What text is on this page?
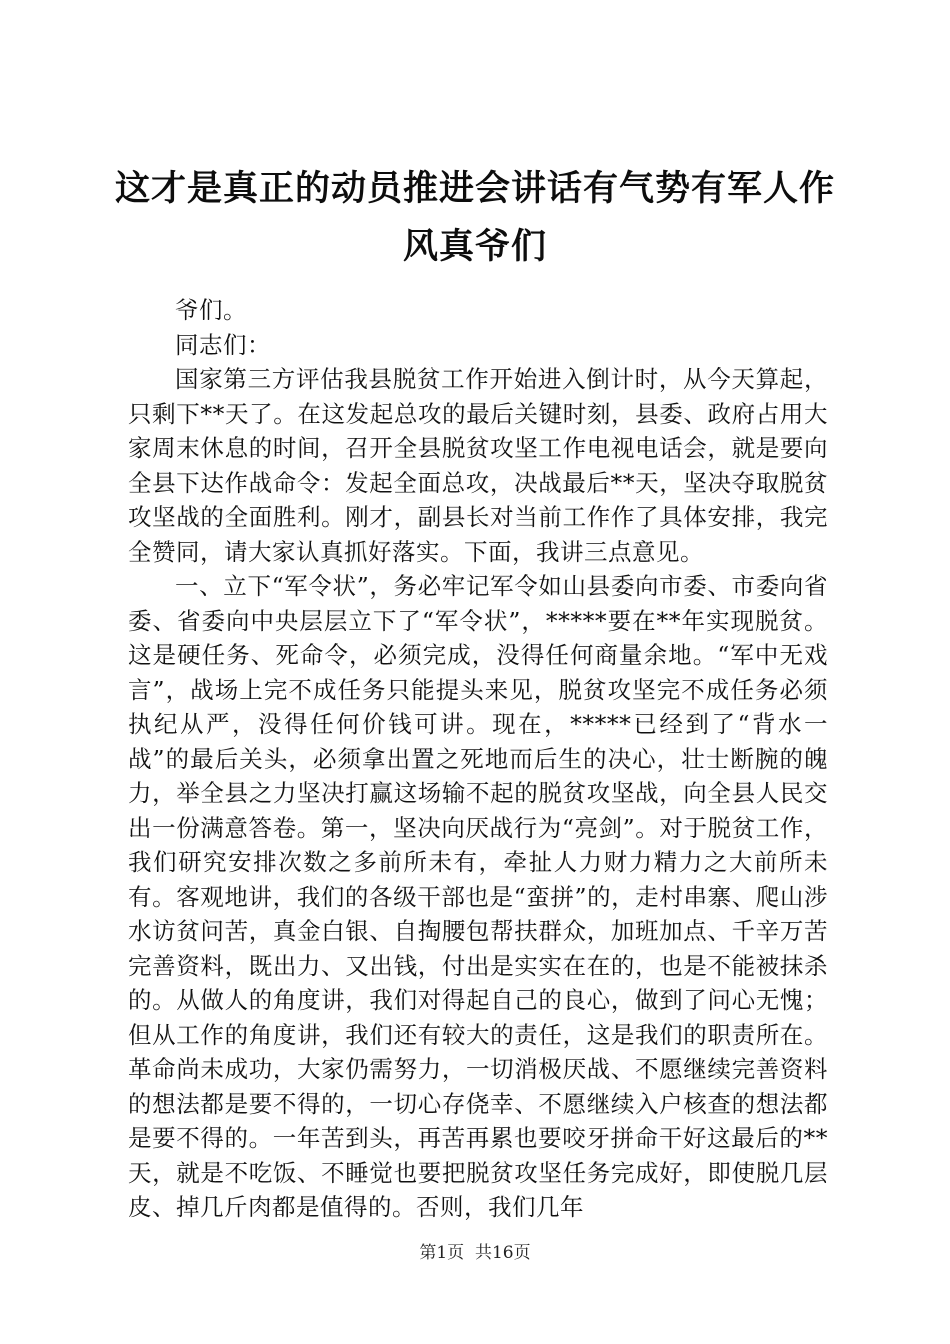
这才是真正的动员推进会讲话有气势有军人作风真爷们

爷们。

同志们：

国家第三方评估我县脱贫工作开始进入倒计时，从今天算起，只剩下**天了。在这发起总攻的最后关键时刻，县委、政府占用大家周末休息的时间，召开全县脱贫攻坚工作电视电话会，就是要向全县下达作战命令：发起全面总攻，决战最后**天，坚决夺取脱贫攻坚战的全面胜利。刚才，副县长对当前工作作了具体安排，我完全赞同，请大家认真抓好落实。下面，我讲三点意见。

一、立下“军令状”，务必牢记军令如山县委向市委、市委向省委、省委向中央层层立下了“军令状”，*****要在**年实现脱贫。这是硬任务、死命令，必须完成，没得任何商量余地。“军中无戏言”，战场上完不成任务只能提头来见，脱贫攻坚完不成任务必须执纪从严，没得任何价钱可讲。现在，*****已经到了“背水一战”的最后关头，必须拿出置之死地而后生的决心，壮士断腕的魄力，举全县之力坚决打赢这场输不起的脱贫攻坚战，向全县人民交出一份满意答卷。第一，坚决向厌战行为“亮剑”。对于脱贫工作，我们研究安排次数之多前所未有，牵扯人力财力精力之大前所未有。客观地讲，我们的各级干部也是“蛮拼”的，走村串寨、爬山涉水访贫问苦，真金白银、自掏腰包帮扶群众，加班加点、千辛万苦完善资料，既出力、又出钱，付出是实实在在的，也是不能被抹杀的。从做人的角度讲，我们对得起自己的良心，做到了问心无愧；但从工作的角度讲，我们还有较大的责任，这是我们的职责所在。革命尚未成功，大家仍需努力，一切消极厌战、不愿继续完善资料的想法都是要不得的，一切心存侥幸、不愿继续入户核查的想法都是要不得的。一年苦到头，再苦再累也要咬牙拼命干好这最后的**天，就是不吃饭、不睡觉也要把脱贫攻坚任务完成好，即使脱几层皮、掉几斤肉都是值得的。否则，我们几年

第1页  共16页
